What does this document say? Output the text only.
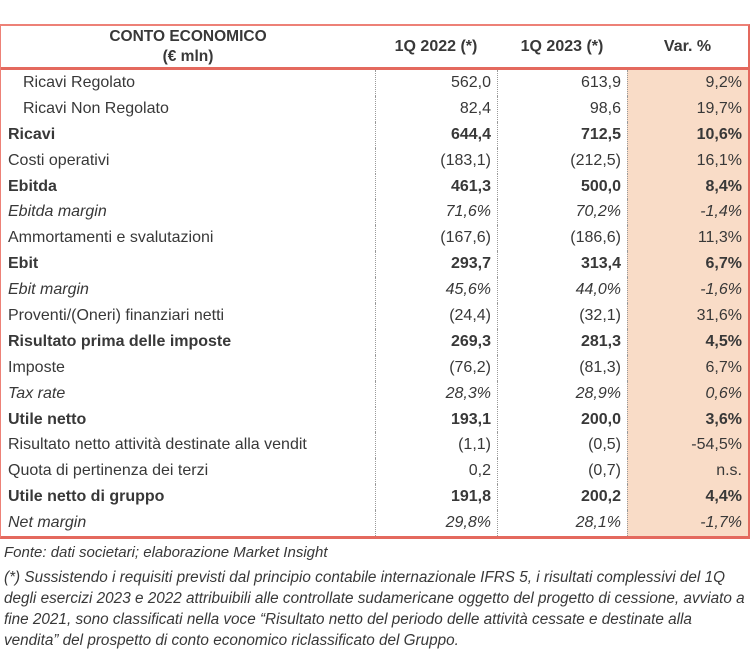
CONTO ECONOMICO
(€ mln)
1Q 2022 (*)	1Q 2023 (*)	Var. %
Ricavi Regolato	562,0	613,9	9,2%
Ricavi Non Regolato	82,4	98,6	19,7%
Ricavi	644,4	712,5	10,6%
Costi operativi	(183,1)	(212,5)	16,1%
Ebitda	461,3	500,0	8,4%
Ebitda margin	71,6%	70,2%	-1,4%
Ammortamenti e svalutazioni	(167,6)	(186,6)	11,3%
Ebit	293,7	313,4	6,7%
Ebit margin	45,6%	44,0%	-1,6%
Proventi/(Oneri) finanziari netti	(24,4)	(32,1)	31,6%
Risultato prima delle imposte	269,3	281,3	4,5%
Imposte	(76,2)	(81,3)	6,7%
Tax rate	28,3%	28,9%	0,6%
Utile netto	193,1	200,0	3,6%
Risultato netto attività destinate alla vendit	(1,1)	(0,5)	-54,5%
Quota di pertinenza dei terzi	0,2	(0,7)	n.s.
Utile netto di gruppo	191,8	200,2	4,4%
Net margin	29,8%	28,1%	-1,7%
Fonte: dati societari; elaborazione Market Insight
(*) Sussistendo i requisiti previsti dal principio contabile internazionale IFRS 5, i risultati complessivi del 1Q degli esercizi 2023 e 2022 attribuibili alle controllate sudamericane oggetto del progetto di cessione, avviato a fine 2021, sono classificati nella voce “Risultato netto del periodo delle attività cessate e destinate alla vendita” del prospetto di conto economico riclassificato del Gruppo.
